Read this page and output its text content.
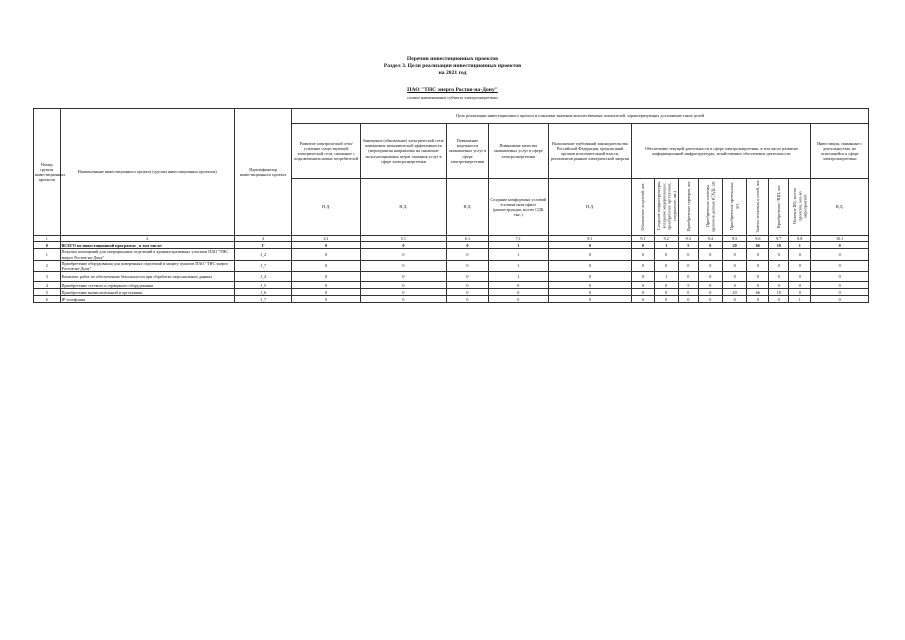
Перечни инвестиционных проектов
Раздел 3. Цели реализации инвестиционных проектов
на 2021 год
ПАО "ТНС энерго Ростов-на-Дону"
полное наименование субъекта электроэнергетики
Номер группы инвестиционных проектов	Наименование инвестиционного проекта (группы инвестиционных проектов)	Идентификатор инвестиционного проекта	Цель реализации инвестиционного проекта и плановые значения количественных показателей, характеризующих достижение таких целей													
			Развитие электрической сети/усиление существующей электрической сети, связанное с подключением новых потребителей	Замещение (обновление) электрической сети/повышение экономической эффективности (мероприятия направлены на снижение эксплуатационных затрат оказания услуг в сфере электроэнергетики	Повышение надежности оказываемых услуг в сфере электроэнергетики	Повышение качества оказываемых услуг в сфере электроэнергетики	Выполнение требований законодательства Российской Федерации, предписаний органов исполнительной власти, регламентов рынков электрической энергии	Обеспечение текущей деятельности в сфере электроэнергетики, в том числе развитие информационной инфраструктуры, хозяйственное обеспечение деятельности								Инвестиции, связанные с деятельностью, не относящейся к сфере электроэнергетики
			Н.Д.	Н.Д.	Н.Д.	Создание комфортных условий в клиентском офисе (реконструкция, кол-во СДК тыс.)	Н.Д.	Обновление лицензий, шт.	Создание инфраструктуры, (создание модернизации: приобретение оргтехники, соединение, шт.)	Приобретение серверов, шт.	Приобретение системы хранения данных (СХД), шт.	Приобретение оргтехники, шт.	Замена тепловых и сетей, шт.	Приобретение ЭЦП, шт.	Наличие ПО, кол-во проектов, кол-во мероприятий	Н.Д.
1	2	3	4.1	5.1	6.1	7.1	8.1	9.1	9.2	9.3	9.4	9.5	9.6	9.7	9.8	10.1
0	ВСЕГО по инвестиционной программе , в том числе:	Г	0	0	0	1	0	0	1	5	0	20	66	10	1	0
1	Покупка помещений для операционных отделений в административных участков ПАО "ТНС энерго Ростов-на-Дону"	J_2	0	0	0	1	0	0	0	0	0	0	0	0	0	0
2	Приобретение оборудования для поверенных отделений в защиту пунктов ПАО "ТНС энерго Ростов-на-Дону"	J_7	0	0	0	1	0	0	0	0	0	0	0	0	0	0
3	Комплекс работ по обеспечению безопасности при обработке персональных данных	J_4	0	0	0	1	0	0	1	0	0	0	0	0	0	0
4	Приобретение сетевого и серверного оборудования	J_5	0	0	0	0	0	0	0	5	0	0	0	0	0	0
5	Приобретение вычислительной и оргтехники	J_6	0	0	0	0	0	0	0	0	0	20	66	10	0	0
6	IP телефония	J_7	0	0	0	0	0	0	0	0	0	0	0	0	1	0
